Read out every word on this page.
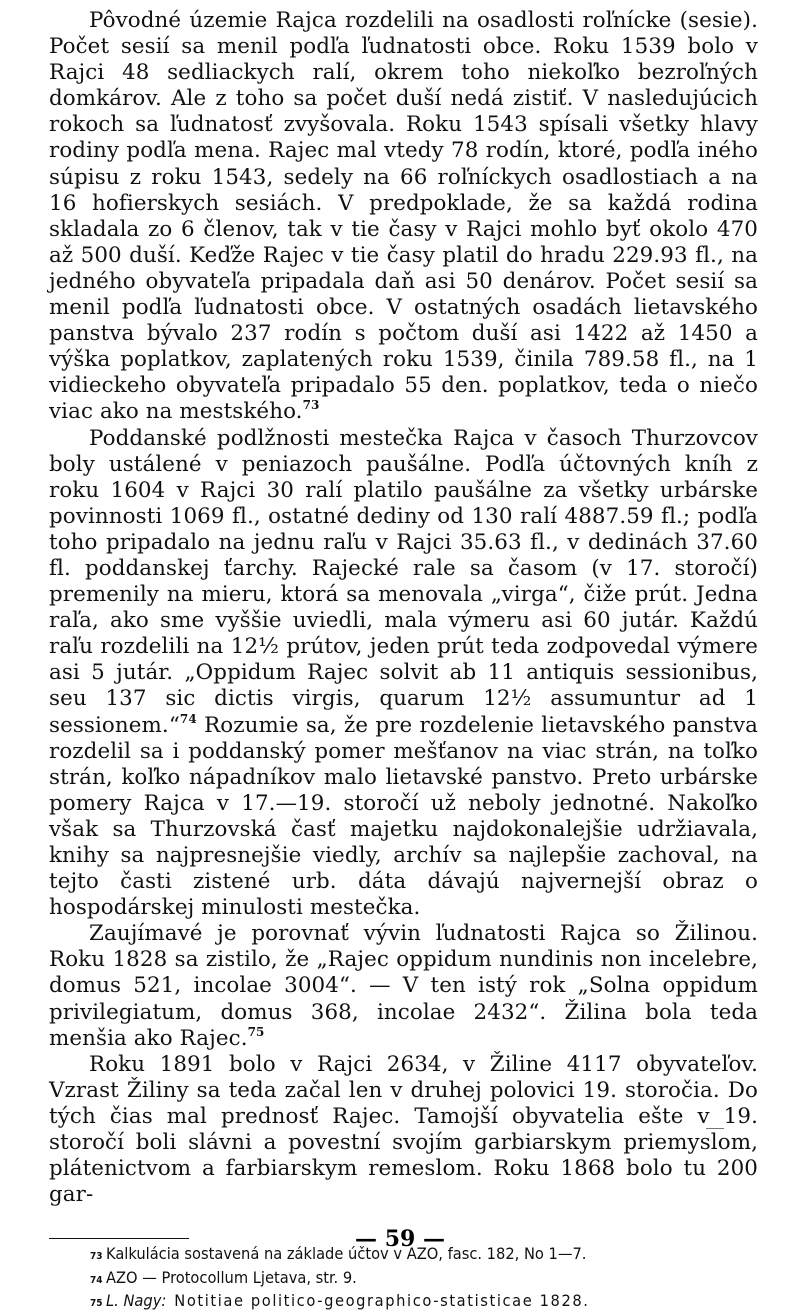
Pôvodné územie Rajca rozdelili na osadlosti roľnícke (sesie). Počet sesií sa menil podľa ľudnatosti obce. Roku 1539 bolo v Rajci 48 sedliackych ralí, okrem toho niekoľko bezroľných domkárov. Ale z toho sa počet duší nedá zistiť. V nasledujúcich rokoch sa ľudnatosť zvyšovala. Roku 1543 spísali všetky hlavy rodiny podľa mena. Rajec mal vtedy 78 rodín, ktoré, podľa iného súpisu z roku 1543, sedely na 66 roľníckych osadlostiach a na 16 hofierskych sesiách. V predpoklade, že sa každá rodina skladala zo 6 členov, tak v tie časy v Rajci mohlo byť okolo 470 až 500 duší. Keďže Rajec v tie časy platil do hradu 229.93 fl., na jedného obyvateľa pripadala daň asi 50 denárov. Počet sesií sa menil podľa ľudnatosti obce. V ostatných osadách lietavského panstva bývalo 237 rodín s počtom duší asi 1422 až 1450 a výška poplatkov, zaplatených roku 1539, činila 789.58 fl., na 1 vidieckeho obyvateľa pripadalo 55 den. poplatkov, teda o niečo viac ako na mestského.$^{73}$

Poddanské podlžnosti mestečka Rajca v časoch Thurzovcov boly ustálené v peniazoch paušálne. Podľa účtovných kníh z roku 1604 v Rajci 30 ralí platilo paušálne za všetky urbárske povinnosti 1069 fl., ostatné dediny od 130 ralí 4887.59 fl.; podľa toho pripadalo na jednu raľu v Rajci 35.63 fl., v dedinách 37.60 fl. poddanskej ťarchy. Rajecké rale sa časom (v 17. storočí) premenily na mieru, ktorá sa menovala „virga“, čiže prút. Jedna raľa, ako sme vyššie uviedli, mala výmeru asi 60 jutár. Každú raľu rozdelili na 12½ prútov, jeden prút teda zodpovedal výmere asi 5 jutár. „Oppidum Rajec solvit ab 11 antiquis sessionibus, seu 137 sic dictis virgis, quarum 12½ assumuntur ad 1 sessionem.“$^{74}$ Rozumie sa, že pre rozdelenie lietavského panstva rozdelil sa i poddanský pomer mešťanov na viac strán, na toľko strán, koľko nápadníkov malo lietavské panstvo. Preto urbárske pomery Rajca v 17.—19. storočí už neboly jednotné. Nakoľko však sa Thurzovská časť majetku najdokonalejšie udržiavala, knihy sa najpresnejšie viedly, archív sa najlepšie zachoval, na tejto časti zistené urb. dáta dávajú najvernejší obraz o hospodárskej minulosti mestečka.

Zaujímavé je porovnať vývin ľudnatosti Rajca so Žilinou. Roku 1828 sa zistilo, že „Rajec oppidum nundinis non incelebre, domus 521, incolae 3004“. — V ten istý rok „Solna oppidum privilegiatum, domus 368, incolae 2432“. Žilina bola teda menšia ako Rajec.$^{75}$

Roku 1891 bolo v Rajci 2634, v Žiline 4117 obyvateľov. Vzrast Žiliny sa teda začal len v druhej polovici 19. storočia. Do tých čias mal prednosť Rajec. Tamojší obyvatelia ešte v 19. storočí boli slávni a povestní svojím garbiarskym priemyslom, plátenictvom a farbiarskym remeslom. Roku 1868 bolo tu 200 gar-

73 Kalkulácia sostavená na základe účtov v AZO, fasc. 182, No 1—7.
74 AZO — Protocollum Ljetava, str. 9.
75 L. Nagy: Notitiae politico-geographico-statisticae 1828.
— 59 —
